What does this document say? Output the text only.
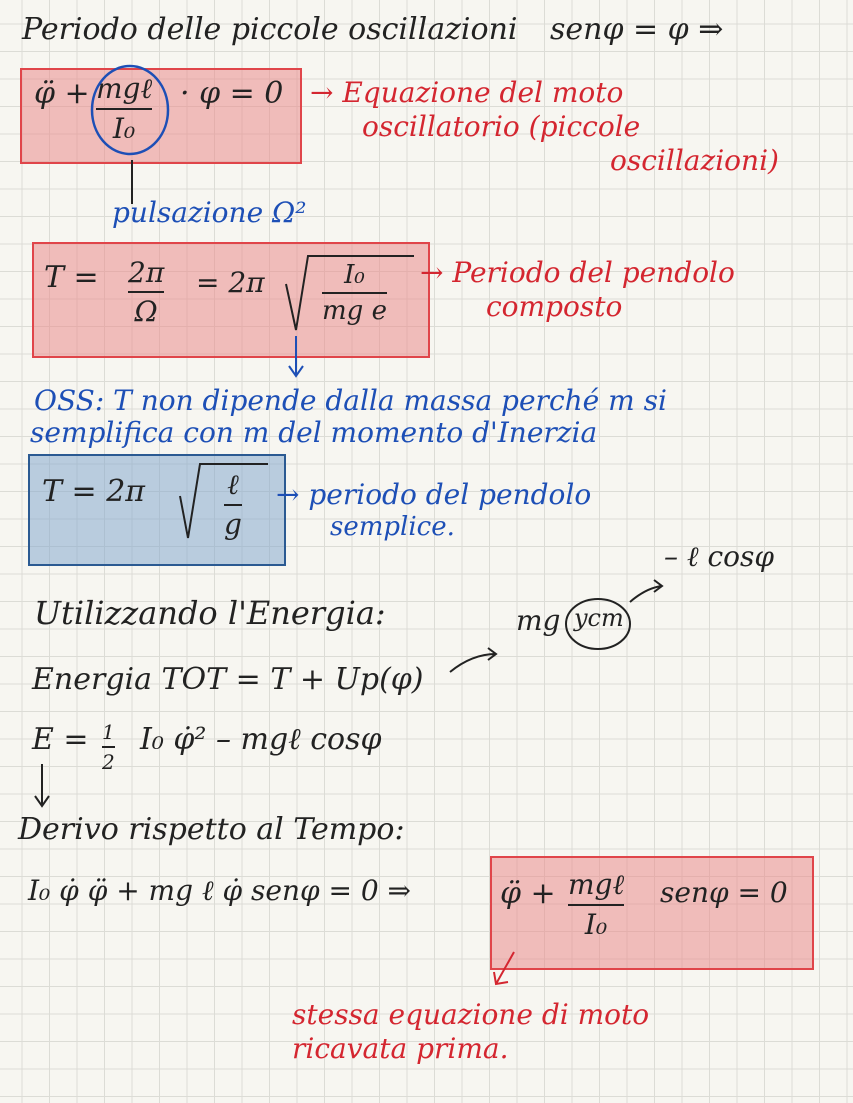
Periodo delle piccole oscillazioni senφ = φ ⇒
φ̈ + mgℓ
I₀
· φ = 0 → Equazione del moto
oscillatorio (piccole
oscillazioni)
pulsazione Ω²
T = 2π
Ω
= 2π	I₀
mg e
→ Periodo del pendolo
composto
OSS: T non dipende dalla massa perché m si
semplifica con m del momento d'Inerzia
T = 2π	ℓ
g
→ periodo del pendolo
semplice.
– ℓ cosφ
Utilizzando l'Energia:	mg ycm
Energia TOT = T + Up(φ)
E = 1
2
I₀ φ̇² – mgℓ cosφ
Derivo rispetto al Tempo:
I₀ φ̇ φ̈ + mg ℓ φ̇ senφ = 0 ⇒	φ̈ + mgℓ
I₀
senφ = 0
stessa equazione di moto
ricavata prima.
